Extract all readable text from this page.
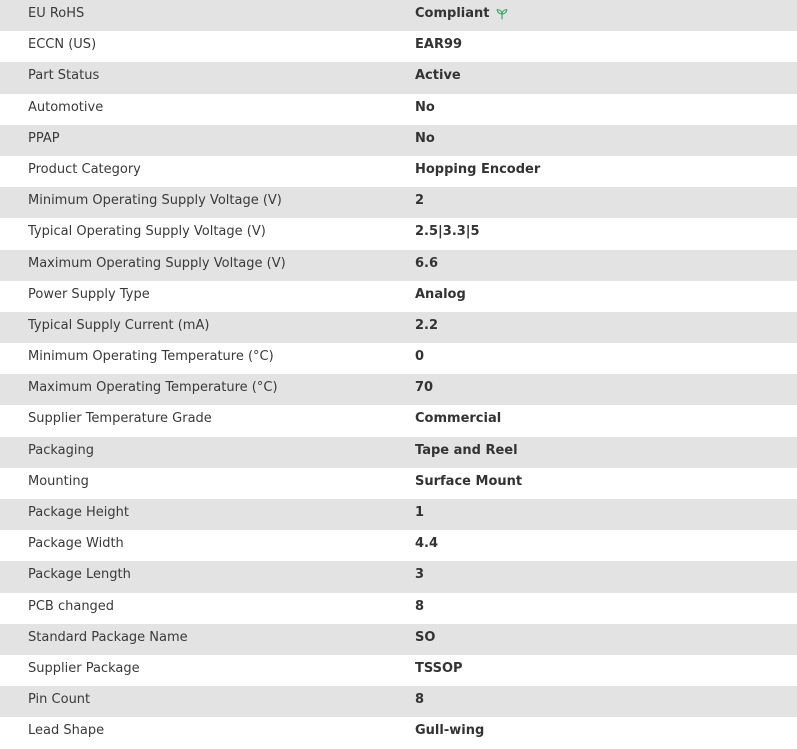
EU RoHS	Compliant
ECCN (US)	EAR99
Part Status	Active
Automotive	No
PPAP	No
Product Category	Hopping Encoder
Minimum Operating Supply Voltage (V)	2
Typical Operating Supply Voltage (V)	2.5|3.3|5
Maximum Operating Supply Voltage (V)	6.6
Power Supply Type	Analog
Typical Supply Current (mA)	2.2
Minimum Operating Temperature (°C)	0
Maximum Operating Temperature (°C)	70
Supplier Temperature Grade	Commercial
Packaging	Tape and Reel
Mounting	Surface Mount
Package Height	1
Package Width	4.4
Package Length	3
PCB changed	8
Standard Package Name	SO
Supplier Package	TSSOP
Pin Count	8
Lead Shape	Gull-wing
